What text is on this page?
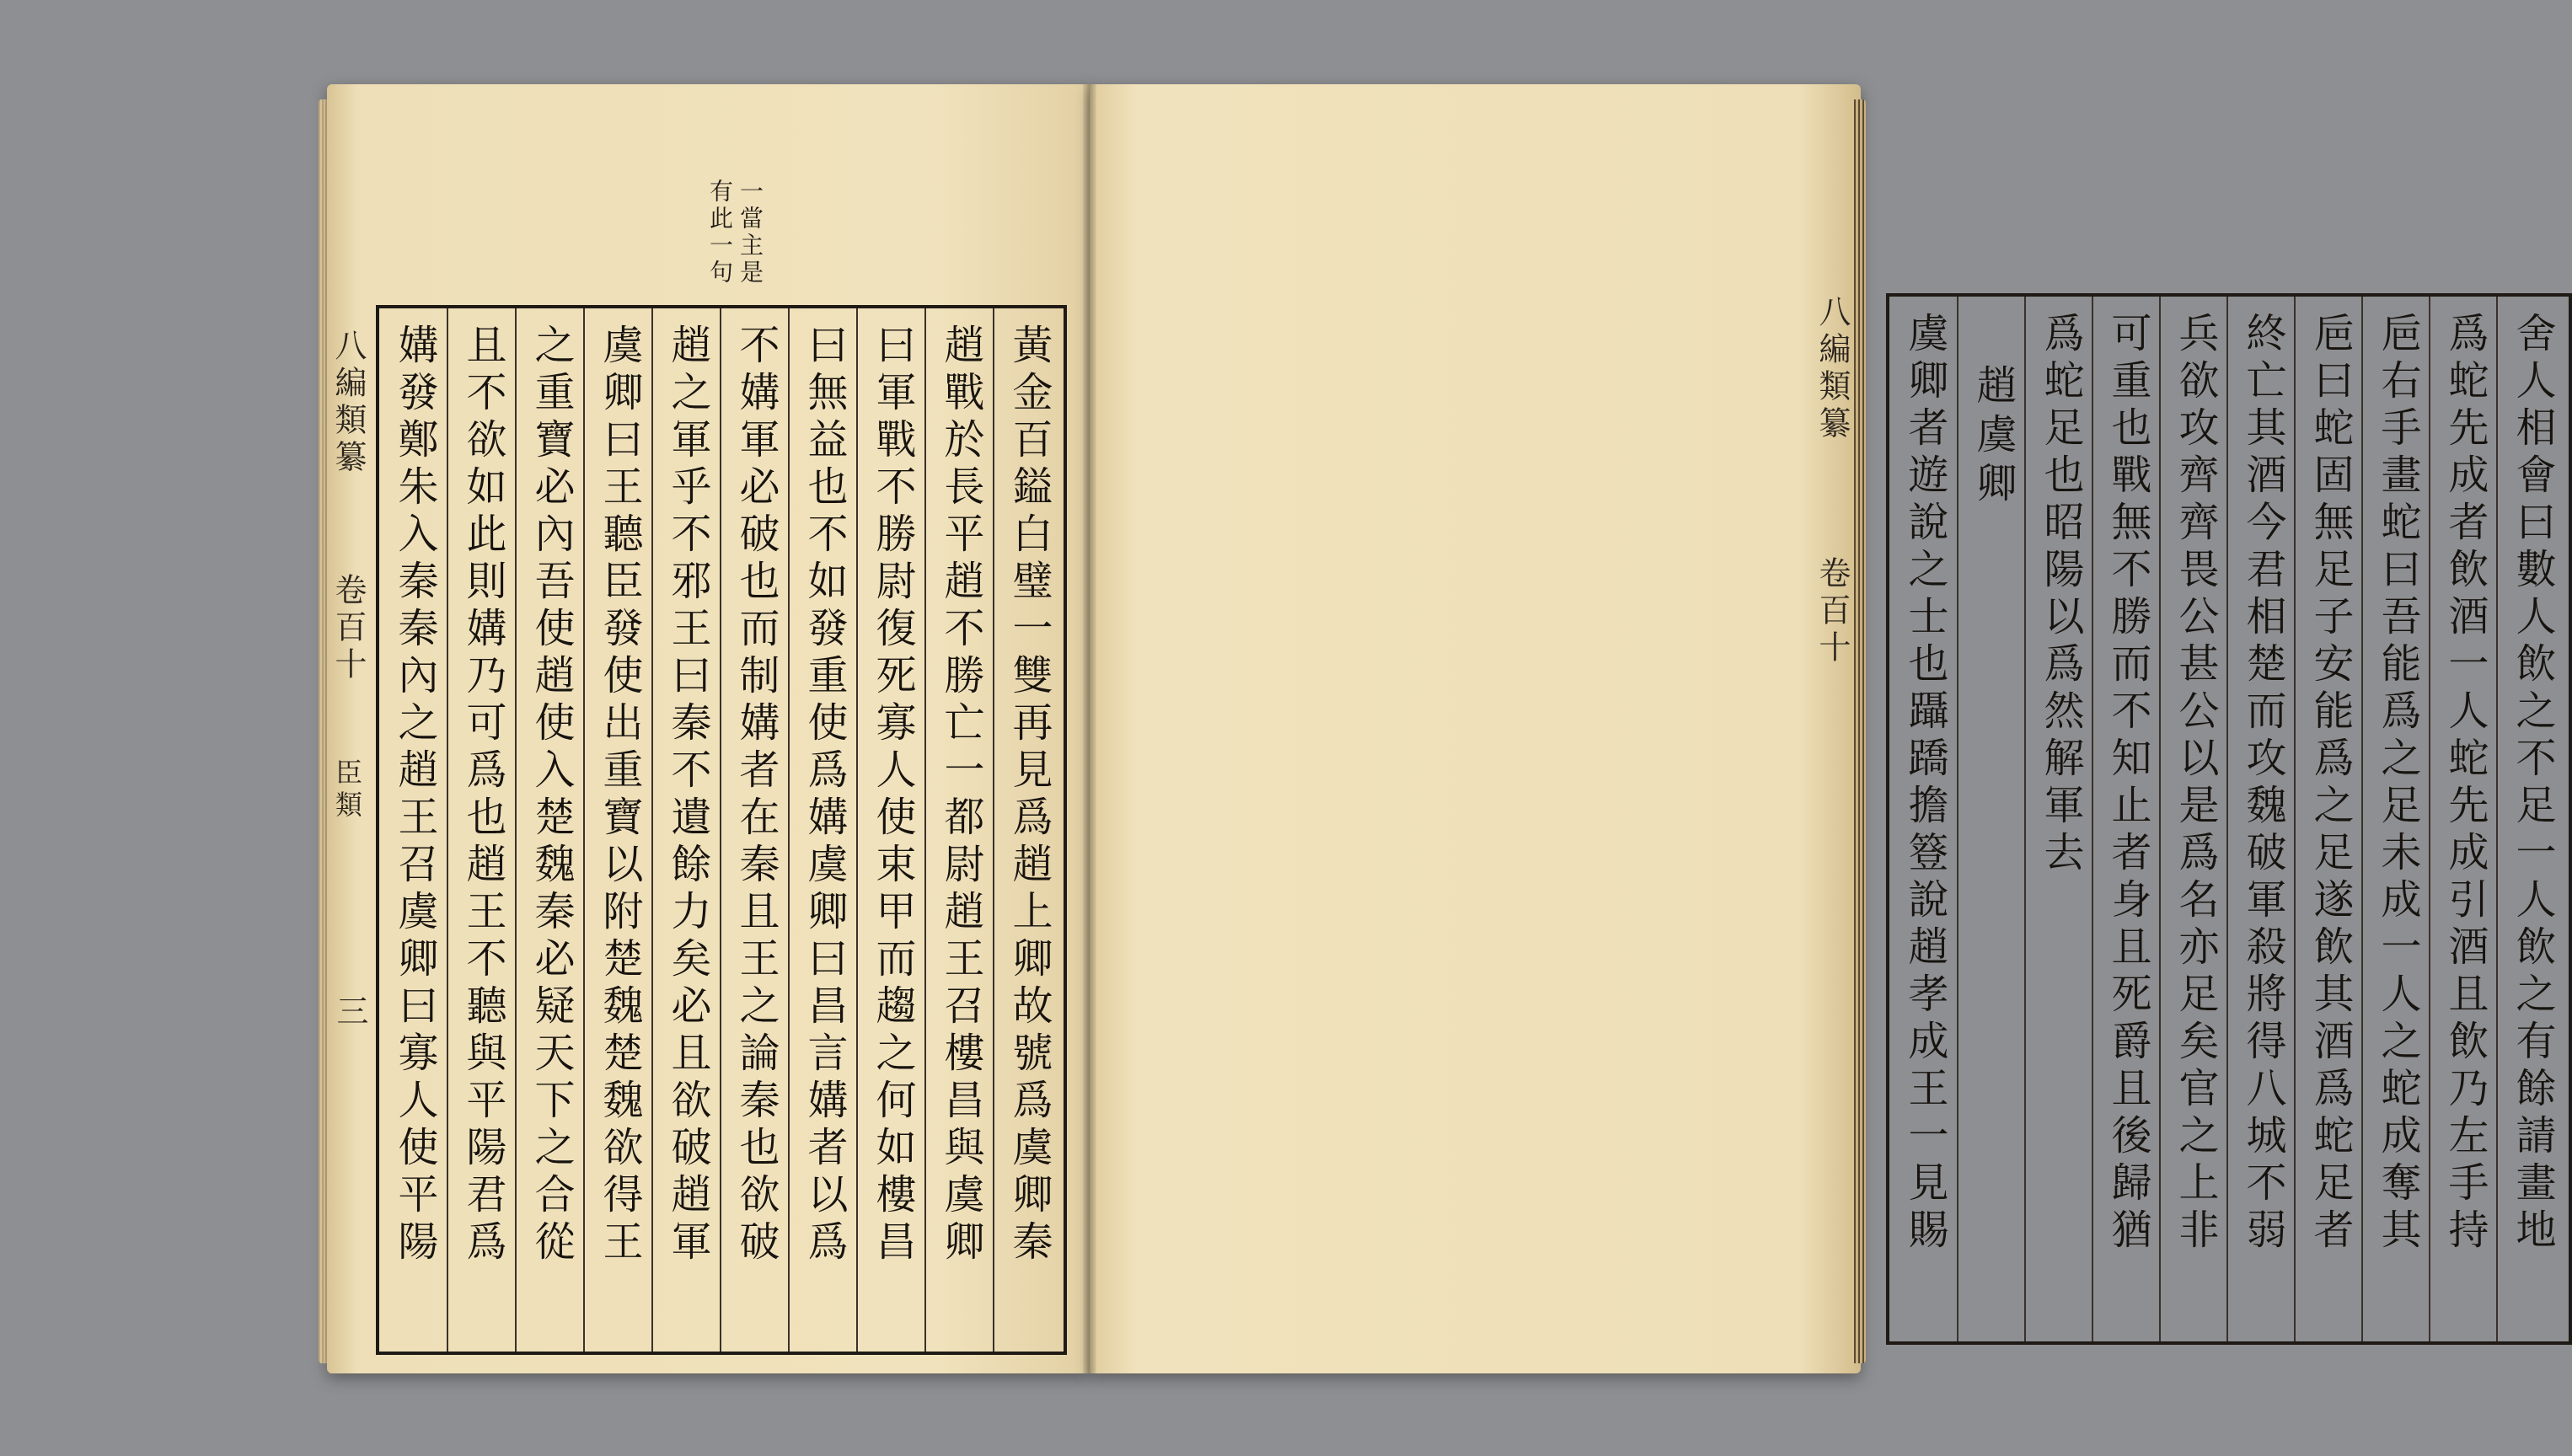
有此一句 一當主是
八編類纂
卷百十
臣類
三	黃金百鎰白璧一雙再見爲趙上卿故號爲虞卿秦
趙戰於長平趙不勝亡一都尉趙王召樓昌與虞卿
曰軍戰不勝尉復死寡人使束甲而趨之何如樓昌
曰無益也不如發重使爲媾虞卿曰昌言媾者以爲
不媾軍必破也而制媾者在秦且王之論秦也欲破
趙之軍乎不邪王曰秦不遺餘力矣必且欲破趙軍
虞卿曰王聽臣發使出重寶以附楚魏楚魏欲得王
之重寶必內吾使趙使入楚魏秦必疑天下之合從
且不欲如此則媾乃可爲也趙王不聽與平陽君爲
媾發鄭朱入秦秦內之趙王召虞卿曰寡人使平陽	八編類纂
卷百十	舍人相會曰數人飲之不足一人飲之有餘請畫地
爲蛇先成者飲酒一人蛇先成引酒且飲乃左手持
巵右手畫蛇曰吾能爲之足未成一人之蛇成奪其
巵曰蛇固無足子安能爲之足遂飲其酒爲蛇足者
終亡其酒今君相楚而攻魏破軍殺將得八城不弱
兵欲攻齊齊畏公甚公以是爲名亦足矣官之上非
可重也戰無不勝而不知止者身且死爵且後歸猶
爲蛇足也昭陽以爲然解軍去
趙虞卿
虞卿者遊說之士也躡蹻擔簦說趙孝成王一見賜
